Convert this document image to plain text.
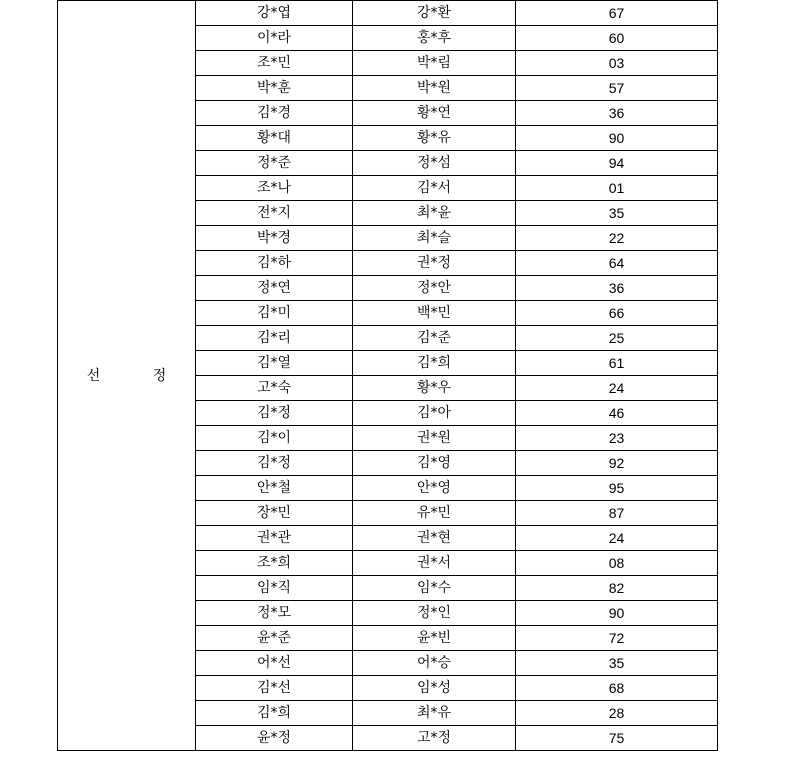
선 정	강*엽	강*환	67
	이*라	홍*후	60
	조*민	박*림	03
	박*훈	박*원	57
	김*경	황*연	36
	황*대	황*유	90
	정*준	정*섬	94
	조*나	김*서	01
	전*지	최*윤	35
	박*경	최*슬	22
	김*하	권*정	64
	정*연	정*안	36
	김*미	백*민	66
	김*리	김*준	25
	김*열	김*희	61
	고*숙	황*우	24
	김*정	김*아	46
	김*이	권*원	23
	김*정	김*영	92
	안*철	안*영	95
	장*민	유*민	87
	권*관	권*현	24
	조*희	권*서	08
	임*직	임*수	82
	정*모	정*인	90
	윤*준	윤*빈	72
	어*선	어*승	35
	김*선	임*성	68
	김*희	최*유	28
	윤*정	고*정	75
